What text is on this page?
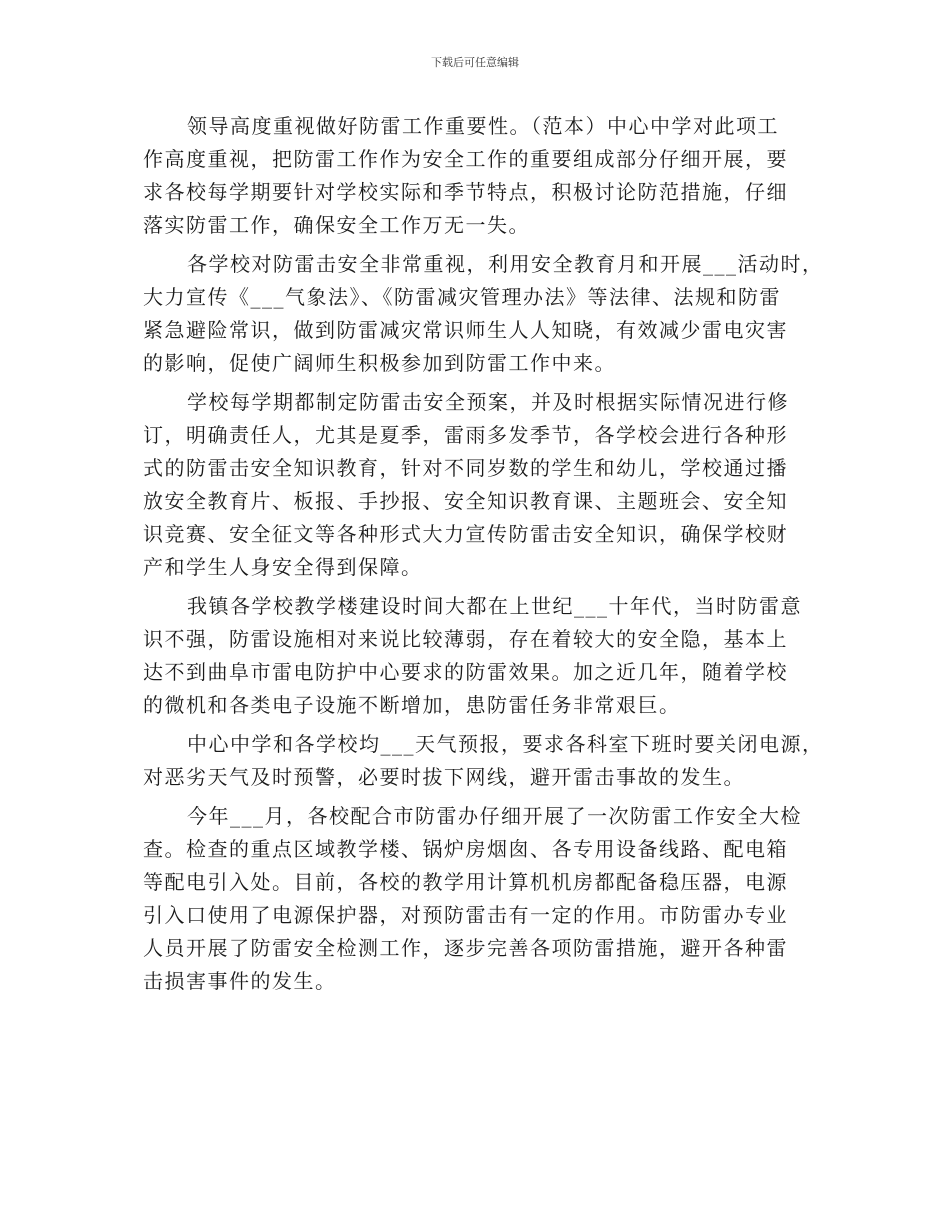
下载后可任意编辑
领导高度重视做好防雷工作重要性。（范本）中心中学对此项工
作高度重视，把防雷工作作为安全工作的重要组成部分仔细开展，要
求各校每学期要针对学校实际和季节特点，积极讨论防范措施，仔细
落实防雷工作，确保安全工作万无一失。
各学校对防雷击安全非常重视，利用安全教育月和开展___活动时，
大力宣传《___气象法》、《防雷减灾管理办法》等法律、法规和防雷
紧急避险常识，做到防雷减灾常识师生人人知晓，有效减少雷电灾害
的影响，促使广阔师生积极参加到防雷工作中来。
学校每学期都制定防雷击安全预案，并及时根据实际情况进行修
订，明确责任人，尤其是夏季，雷雨多发季节，各学校会进行各种形
式的防雷击安全知识教育，针对不同岁数的学生和幼儿，学校通过播
放安全教育片、板报、手抄报、安全知识教育课、主题班会、安全知
识竞赛、安全征文等各种形式大力宣传防雷击安全知识，确保学校财
产和学生人身安全得到保障。
我镇各学校教学楼建设时间大都在上世纪___十年代，当时防雷意
识不强，防雷设施相对来说比较薄弱，存在着较大的安全隐，基本上
达不到曲阜市雷电防护中心要求的防雷效果。加之近几年，随着学校
的微机和各类电子设施不断增加，患防雷任务非常艰巨。
中心中学和各学校均___天气预报，要求各科室下班时要关闭电源，
对恶劣天气及时预警，必要时拔下网线，避开雷击事故的发生。
今年___月，各校配合市防雷办仔细开展了一次防雷工作安全大检
查。检查的重点区域教学楼、锅炉房烟囱、各专用设备线路、配电箱
等配电引入处。目前，各校的教学用计算机机房都配备稳压器，电源
引入口使用了电源保护器，对预防雷击有一定的作用。市防雷办专业
人员开展了防雷安全检测工作，逐步完善各项防雷措施，避开各种雷
击损害事件的发生。
